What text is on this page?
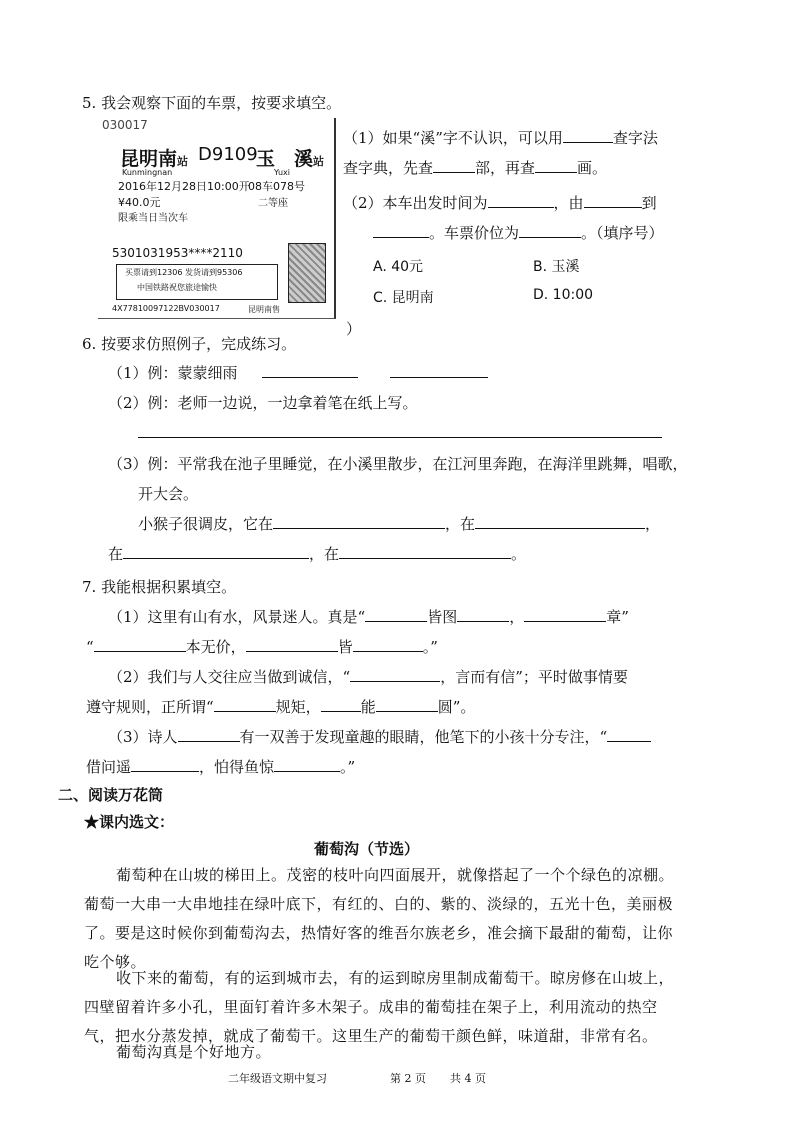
5. 我会观察下面的车票，按要求填空。
030017
昆明南站 D9109
玉　溪站
Kunmingnan	Yuxi
2016年12月28日10:00开
08车078号
¥40.0元	二等座
限乘当日当次车
5301031953****2110
买票请到12306 发货请到95306
中国铁路祝您旅途愉快
4X77810097122BV030017	昆明南售
（1）如果“溪”字不认识，可以用	查字法
查字典，先查	部，再查	画。
（2）本车出发时间为	，由	到
。车票价位为	。（填序号）
A. 40元	B. 玉溪
C. 昆明南	D. 10:00
）
6. 按要求仿照例子，完成练习。
（1）例：蒙蒙细雨
（2）例：老师一边说，一边拿着笔在纸上写。
（3）例：平常我在池子里睡觉，在小溪里散步，在江河里奔跑，在海洋里跳舞，唱歌，
开大会。
小猴子很调皮，它在	，在	，
在	，在	。
7. 我能根据积累填空。
（1）这里有山有水，风景迷人。真是“	皆图	，	章”
“	本无价，	皆	。”
（2）我们与人交往应当做到诚信，“	，言而有信”；平时做事情要
遵守规则，正所谓“	规矩，	能	圆”。
（3）诗人	有一双善于发现童趣的眼睛，他笔下的小孩十分专注，“
借问遥	，怕得鱼惊	。”
二、阅读万花筒
★课内选文：
葡萄沟（节选）
葡萄种在山坡的梯田上。茂密的枝叶向四面展开，就像搭起了一个个绿色的凉棚。葡萄一大串一大串地挂在绿叶底下，有红的、白的、紫的、淡绿的，五光十色，美丽极了。要是这时候你到葡萄沟去，热情好客的维吾尔族老乡，准会摘下最甜的葡萄，让你吃个够。
收下来的葡萄，有的运到城市去，有的运到晾房里制成葡萄干。晾房修在山坡上，四壁留着许多小孔，里面钉着许多木架子。成串的葡萄挂在架子上，利用流动的热空气，把水分蒸发掉，就成了葡萄干。这里生产的葡萄干颜色鲜，味道甜，非常有名。
葡萄沟真是个好地方。
二年级语文期中复习	第 2 页 共 4 页
